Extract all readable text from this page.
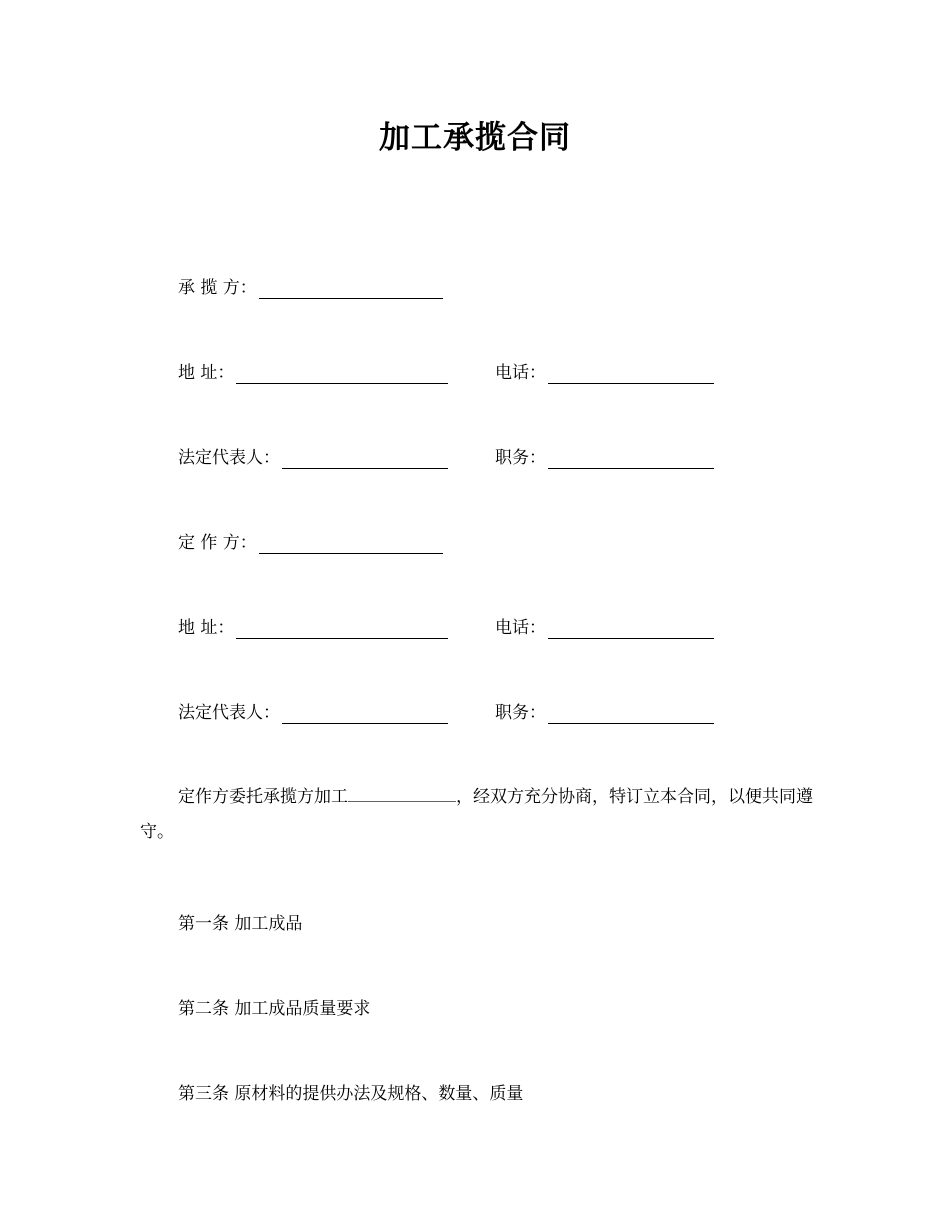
加工承揽合同
承 揽 方：
地 址：	电话：
法定代表人：	职务：
定 作 方：
地 址：	电话：
法定代表人：	职务：
定作方委托承揽方加工	，经双方充分协商，特订立本合同，以便共同遵守。
第一条 加工成品
第二条 加工成品质量要求
第三条 原材料的提供办法及规格、数量、质量
